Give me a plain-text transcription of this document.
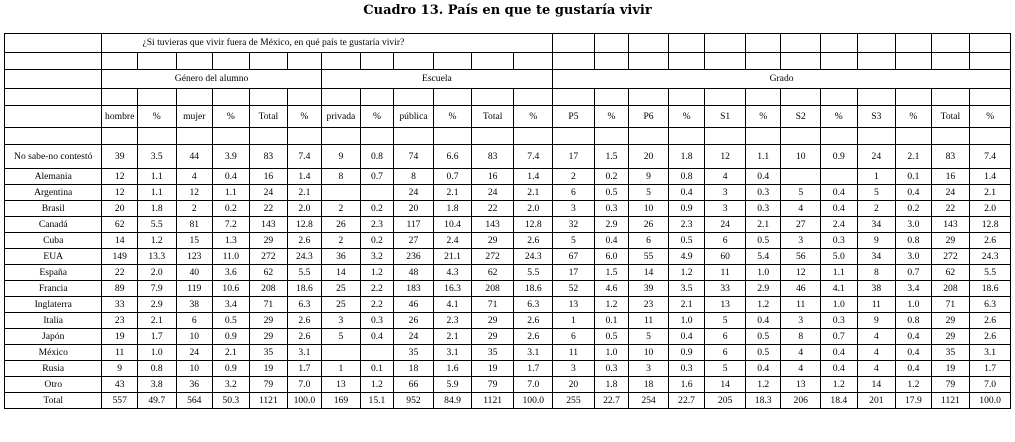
Cuadro 13. País en que te gustaría vivir
	¿Si tuvieras que vivir fuera de México, en qué país te gustaría vivir?																							

	Género del alumno						Escuela						Grado											

	hombre	%	mujer	%	Total	%	privada	%	pública	%	Total	%	P5	%	P6	%	S1	%	S2	%	S3	%	Total	%

No sabe-no contestó	39	3.5	44	3.9	83	7.4	9	0.8	74	6.6	83	7.4	17	1.5	20	1.8	12	1.1	10	0.9	24	2.1	83	7.4
Alemania	12	1.1	4	0.4	16	1.4	8	0.7	8	0.7	16	1.4	2	0.2	9	0.8	4	0.4			1	0.1	16	1.4
Argentina	12	1.1	12	1.1	24	2.1			24	2.1	24	2.1	6	0.5	5	0.4	3	0.3	5	0.4	5	0.4	24	2.1
Brasil	20	1.8	2	0.2	22	2.0	2	0.2	20	1.8	22	2.0	3	0.3	10	0.9	3	0.3	4	0.4	2	0.2	22	2.0
Canadá	62	5.5	81	7.2	143	12.8	26	2.3	117	10.4	143	12.8	32	2.9	26	2.3	24	2.1	27	2.4	34	3.0	143	12.8
Cuba	14	1.2	15	1.3	29	2.6	2	0.2	27	2.4	29	2.6	5	0.4	6	0.5	6	0.5	3	0.3	9	0.8	29	2.6
EUA	149	13.3	123	11.0	272	24.3	36	3.2	236	21.1	272	24.3	67	6.0	55	4.9	60	5.4	56	5.0	34	3.0	272	24.3
España	22	2.0	40	3.6	62	5.5	14	1.2	48	4.3	62	5.5	17	1.5	14	1.2	11	1.0	12	1.1	8	0.7	62	5.5
Francia	89	7.9	119	10.6	208	18.6	25	2.2	183	16.3	208	18.6	52	4.6	39	3.5	33	2.9	46	4.1	38	3.4	208	18.6
Inglaterra	33	2.9	38	3.4	71	6.3	25	2.2	46	4.1	71	6.3	13	1.2	23	2.1	13	1.2	11	1.0	11	1.0	71	6.3
Italia	23	2.1	6	0.5	29	2.6	3	0.3	26	2.3	29	2.6	1	0.1	11	1.0	5	0.4	3	0.3	9	0.8	29	2.6
Japón	19	1.7	10	0.9	29	2.6	5	0.4	24	2.1	29	2.6	6	0.5	5	0.4	6	0.5	8	0.7	4	0.4	29	2.6
México	11	1.0	24	2.1	35	3.1			35	3.1	35	3.1	11	1.0	10	0.9	6	0.5	4	0.4	4	0.4	35	3.1
Rusia	9	0.8	10	0.9	19	1.7	1	0.1	18	1.6	19	1.7	3	0.3	3	0.3	5	0.4	4	0.4	4	0.4	19	1.7
Otro	43	3.8	36	3.2	79	7.0	13	1.2	66	5.9	79	7.0	20	1.8	18	1.6	14	1.2	13	1.2	14	1.2	79	7.0
Total	557	49.7	564	50.3	1121	100.0	169	15.1	952	84.9	1121	100.0	255	22.7	254	22.7	205	18.3	206	18.4	201	17.9	1121	100.0
